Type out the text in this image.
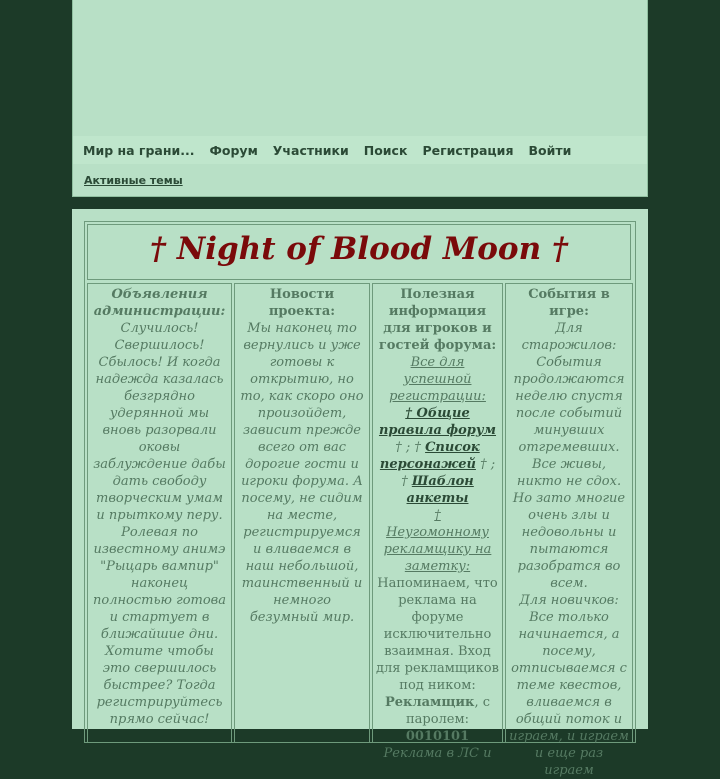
Мир на грани... Форум Участники Поиск Регистрация Войти
Активные темы
† Night of Blood Moon †
Объявления администрации:
Случилось! Свершилось! Сбылось! И когда надежда казалась безгрядно удерянной мы вновь разорвали оковы заблуждение дабы дать свободу творческим умам и прыткому перу. Ролевая по известному анимэ "Рыцарь вампир" наконец полностью готова и стартует в ближайшие дни. Хотите чтобы это свершилось быстрее? Тогда регистрируйтесь прямо сейчас!
Новости проекта:
Мы наконец то вернулись и уже готовы к открытию, но то, как скоро оно произойдет, зависит прежде всего от вас дорогие гости и игроки форума. А посему, не сидим на месте, регистрируемся и вливаемся в наш небольшой, таинственный и немного безумный мир.
Полезная информация для игроков и гостей форума:
Все для успешной регистрации:
† Общие правила форум † ; † Список персонажей † ; † Шаблон анкеты
†
Неугомонному рекламщику на заметку:
Напоминаем, что реклама на форуме исключительно взаимная. Вход для рекламщиков под ником:
Рекламщик, с паролем:
0010101
Реклама в ЛС и
События в игре:
Для старожилов: События продолжаются неделю спустя после событий минувших отгремевших. Все живы, никто не сдох. Но зато многие очень злы и недовольны и пытаются разобратся во всем.
Для новичков: Все только начинается, а посему, отписываемся с теме квестов, вливаемся в общий поток и играем, и играем и еще раз играем
